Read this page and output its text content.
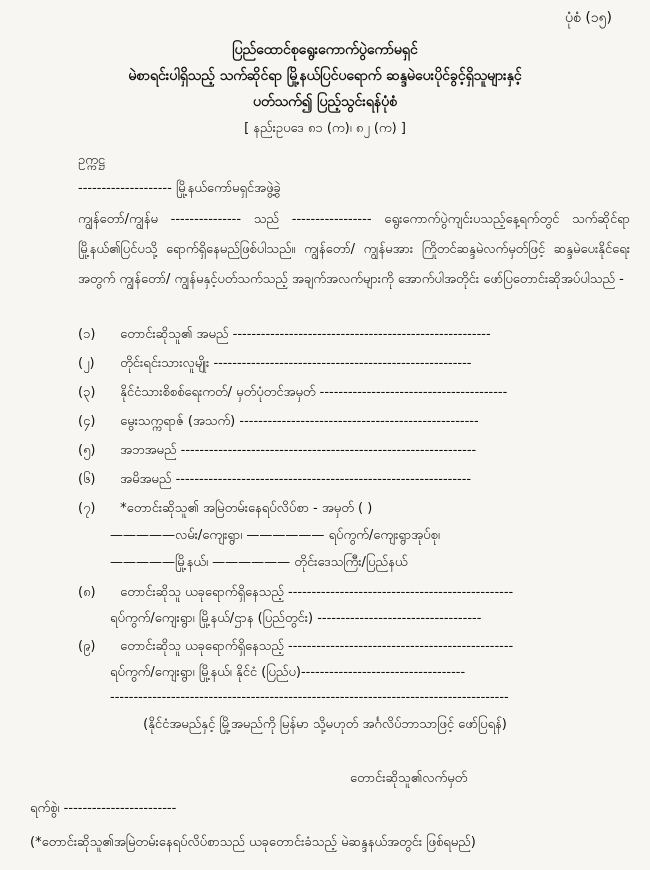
ပုံစံ (၁၅)
ပြည်ထောင်စုရွေးကောက်ပွဲကော်မရှင်
မဲစာရင်းပါရှိသည့် သက်ဆိုင်ရာ မြို့နယ်ပြင်ပရောက် ဆန္ဒမဲပေးပိုင်ခွင့်ရှိသူများနှင့်
ပတ်သက်၍ ပြည့်သွင်းရန်ပုံစံ
[ နည်းဥပဒေ ၈၁ (က)၊ ၈၂ (က) ]
ဥက္ကဋ္ဌ
-------------------- မြို့နယ်ကော်မရှင်အဖွဲ့ခွဲ
ကျွန်တော်/ကျွန်မ --------------- သည် ----------------- ရွေးကောက်ပွဲကျင်းပသည့်နေ့ရက်တွင် သက်ဆိုင်ရာ မြို့နယ်၏ပြင်ပသို့ ရောက်ရှိနေမည်ဖြစ်ပါသည်။ ကျွန်တော်/ ကျွန်မအား ကြိုတင်ဆန္ဒမဲလက်မှတ်ဖြင့် ဆန္ဒမဲပေးနိုင်ရေးအတွက် ကျွန်တော်/ ကျွန်မနှင့်ပတ်သက်သည့် အချက်အလက်များကို အောက်ပါအတိုင်း ဖော်ပြတောင်းဆိုအပ်ပါသည် -
(၁) တောင်းဆိုသူ၏ အမည် -------------------------------------------------------
(၂) တိုင်းရင်းသားလူမျိုး -------------------------------------------------------
(၃) နိုင်ငံသားစိစစ်ရေးကတ်/ မှတ်ပုံတင်အမှတ် ----------------------------------------
(၄) မွေးသက္ကရာဇ် (အသက်) ---------------------------------------------------
(၅) အဘအမည် ---------------------------------------------------------------
(၆) အမိအမည် ---------------------------------------------------------------
(၇) *တောင်းဆိုသူ၏ အမြဲတမ်းနေရပ်လိပ်စာ - အမှတ် ( )
—————လမ်း/ကျေးရွာ၊ —————— ရပ်ကွက်/ကျေးရွာအုပ်စု၊
—————မြို့နယ်၊ —————— တိုင်းဒေသကြီး/ပြည်နယ်
(၈) တောင်းဆိုသူ ယခုရောက်ရှိနေသည့် ------------------------------------------------
ရပ်ကွက်/ကျေးရွာ၊ မြို့နယ်/ဌာန (ပြည်တွင်း) -----------------------------------
(၉) တောင်းဆိုသူ ယခုရောက်ရှိနေသည့် ------------------------------------------------
ရပ်ကွက်/ကျေးရွာ၊ မြို့နယ်၊ နိုင်ငံ (ပြည်ပ)-----------------------------------
-------------------------------------------------------------------------------------
(နိုင်ငံအမည်နှင့် မြို့အမည်ကို မြန်မာ သို့မဟုတ် အင်္ဂလိပ်ဘာသာဖြင့် ဖော်ပြရန်)
တောင်းဆိုသူ၏လက်မှတ်
ရက်စွဲ၊ ------------------------
(*တောင်းဆိုသူ၏အမြဲတမ်းနေရပ်လိပ်စာသည် ယခုတောင်းခံသည့် မဲဆန္ဒနယ်အတွင်း ဖြစ်ရမည်)
